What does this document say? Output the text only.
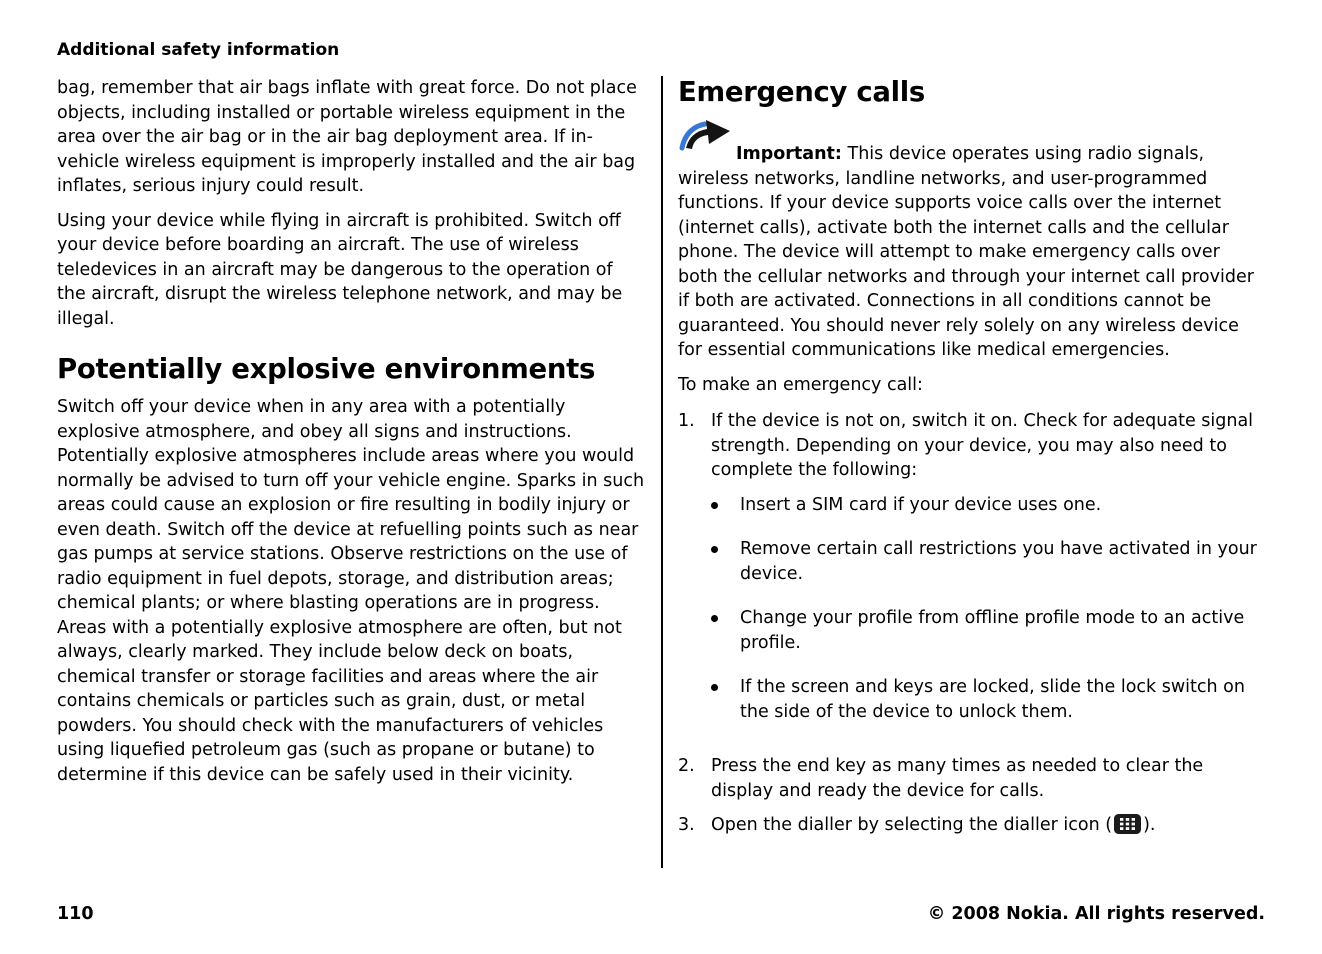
Additional safety information

bag, remember that air bags inflate with great force. Do not place objects, including installed or portable wireless equipment in the area over the air bag or in the air bag deployment area. If in-vehicle wireless equipment is improperly installed and the air bag inflates, serious injury could result.

Using your device while flying in aircraft is prohibited. Switch off your device before boarding an aircraft. The use of wireless teledevices in an aircraft may be dangerous to the operation of the aircraft, disrupt the wireless telephone network, and may be illegal.

Potentially explosive environments

Switch off your device when in any area with a potentially explosive atmosphere, and obey all signs and instructions. Potentially explosive atmospheres include areas where you would normally be advised to turn off your vehicle engine. Sparks in such areas could cause an explosion or fire resulting in bodily injury or even death. Switch off the device at refuelling points such as near gas pumps at service stations. Observe restrictions on the use of radio equipment in fuel depots, storage, and distribution areas; chemical plants; or where blasting operations are in progress. Areas with a potentially explosive atmosphere are often, but not always, clearly marked. They include below deck on boats, chemical transfer or storage facilities and areas where the air contains chemicals or particles such as grain, dust, or metal powders. You should check with the manufacturers of vehicles using liquefied petroleum gas (such as propane or butane) to determine if this device can be safely used in their vicinity.

Emergency calls

Important: This device operates using radio signals, wireless networks, landline networks, and user-programmed functions. If your device supports voice calls over the internet (internet calls), activate both the internet calls and the cellular phone. The device will attempt to make emergency calls over both the cellular networks and through your internet call provider if both are activated. Connections in all conditions cannot be guaranteed. You should never rely solely on any wireless device for essential communications like medical emergencies.

To make an emergency call:

1. If the device is not on, switch it on. Check for adequate signal strength. Depending on your device, you may also need to complete the following:

Insert a SIM card if your device uses one.
Remove certain call restrictions you have activated in your device.
Change your profile from offline profile mode to an active profile.
If the screen and keys are locked, slide the lock switch on the side of the device to unlock them.
2. Press the end key as many times as needed to clear the display and ready the device for calls.

3. Open the dialler by selecting the dialler icon ( ).

110	© 2008 Nokia. All rights reserved.
